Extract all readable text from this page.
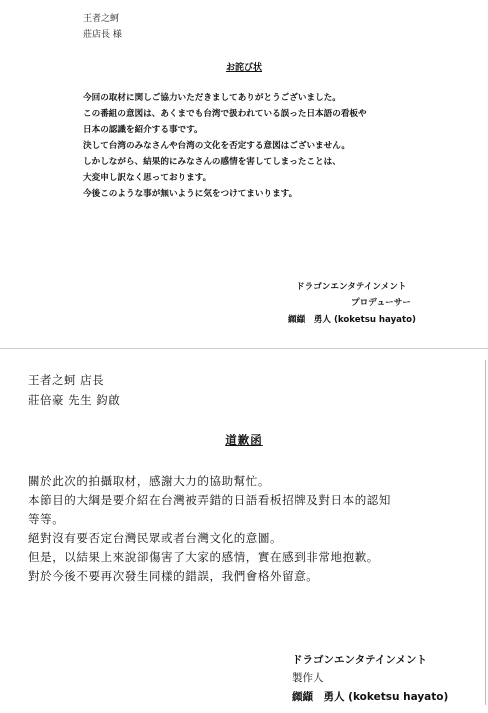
王者之蚵
莊店長 様
お詫び状
今回の取材に関しご協力いただきましてありがとうございました。
この番組の意図は、あくまでも台湾で扱われている誤った日本語の看板や
日本の認識を紹介する事です。
決して台湾のみなさんや台湾の文化を否定する意図はございません。
しかしながら、結果的にみなさんの感情を害してしまったことは、
大変申し訳なく思っております。
今後このような事が無いように気をつけてまいります。
ドラゴンエンタテインメント
プロデューサー
纐纈　勇人 (koketsu hayato)
王者之蚵 店長
莊倍豪 先生 鈞啟
道歉函
關於此次的拍攝取材，感謝大力的協助幫忙。
本節目的大綱是要介紹在台灣被弄錯的日語看板招牌及對日本的認知
等等。
絕對沒有要否定台灣民眾或者台灣文化的意圖。
但是，以結果上來說卻傷害了大家的感情，實在感到非常地抱歉。
對於今後不要再次發生同樣的錯誤，我們會格外留意。
ドラゴンエンタテインメント
製作人
纐纈　勇人 (koketsu hayato)
